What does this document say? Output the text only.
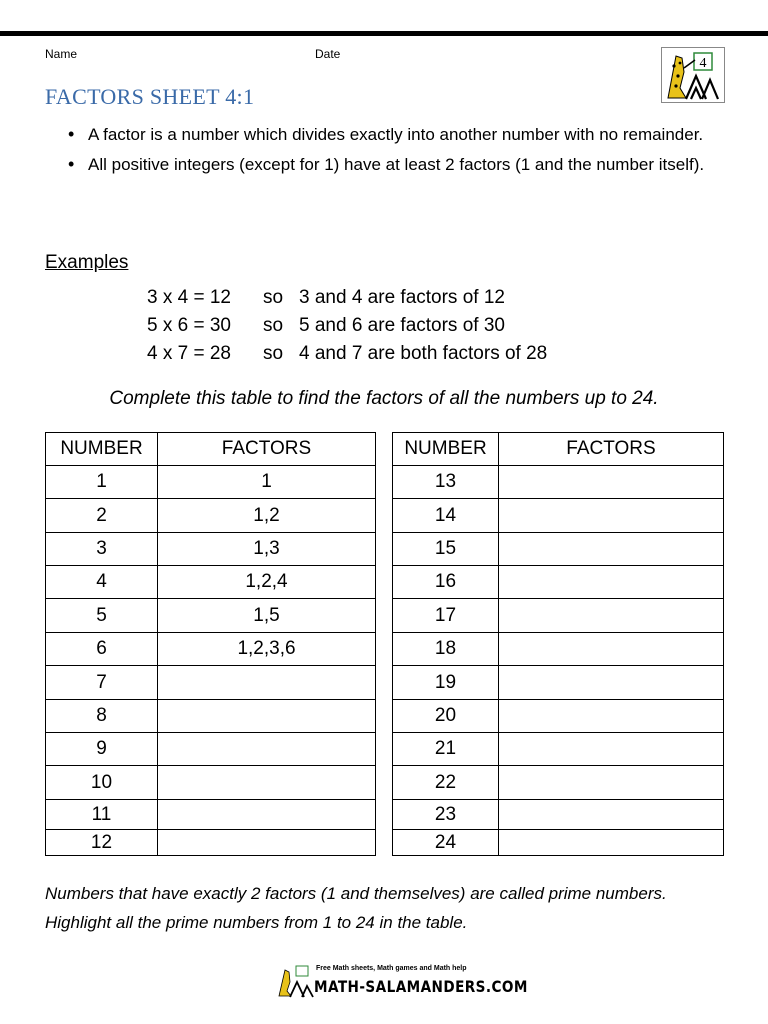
Name	Date
FACTORS SHEET 4:1
4
• A factor is a number which divides exactly into another number with no remainder.
• All positive integers (except for 1) have at least 2 factors (1 and the number itself).
Examples
3 x 4 = 12 so 3 and 4 are factors of 12
5 x 6 = 30 so 5 and 6 are factors of 30
4 x 7 = 28 so 4 and 7 are both factors of 28
Complete this table to find the factors of all the numbers up to 24.
NUMBER	FACTORS
1	1
2	1,2
3	1,3
4	1,2,4
5	1,5
6	1,2,3,6
7	
8	
9	
10	
11	
12	
NUMBER	FACTORS
13	
14	
15	
16	
17	
18	
19	
20	
21	
22	
23	
24	
Numbers that have exactly 2 factors (1 and themselves) are called prime numbers.
Highlight all the prime numbers from 1 to 24 in the table.
Free Math sheets, Math games and Math help
MATH-SALAMANDERS.COM
